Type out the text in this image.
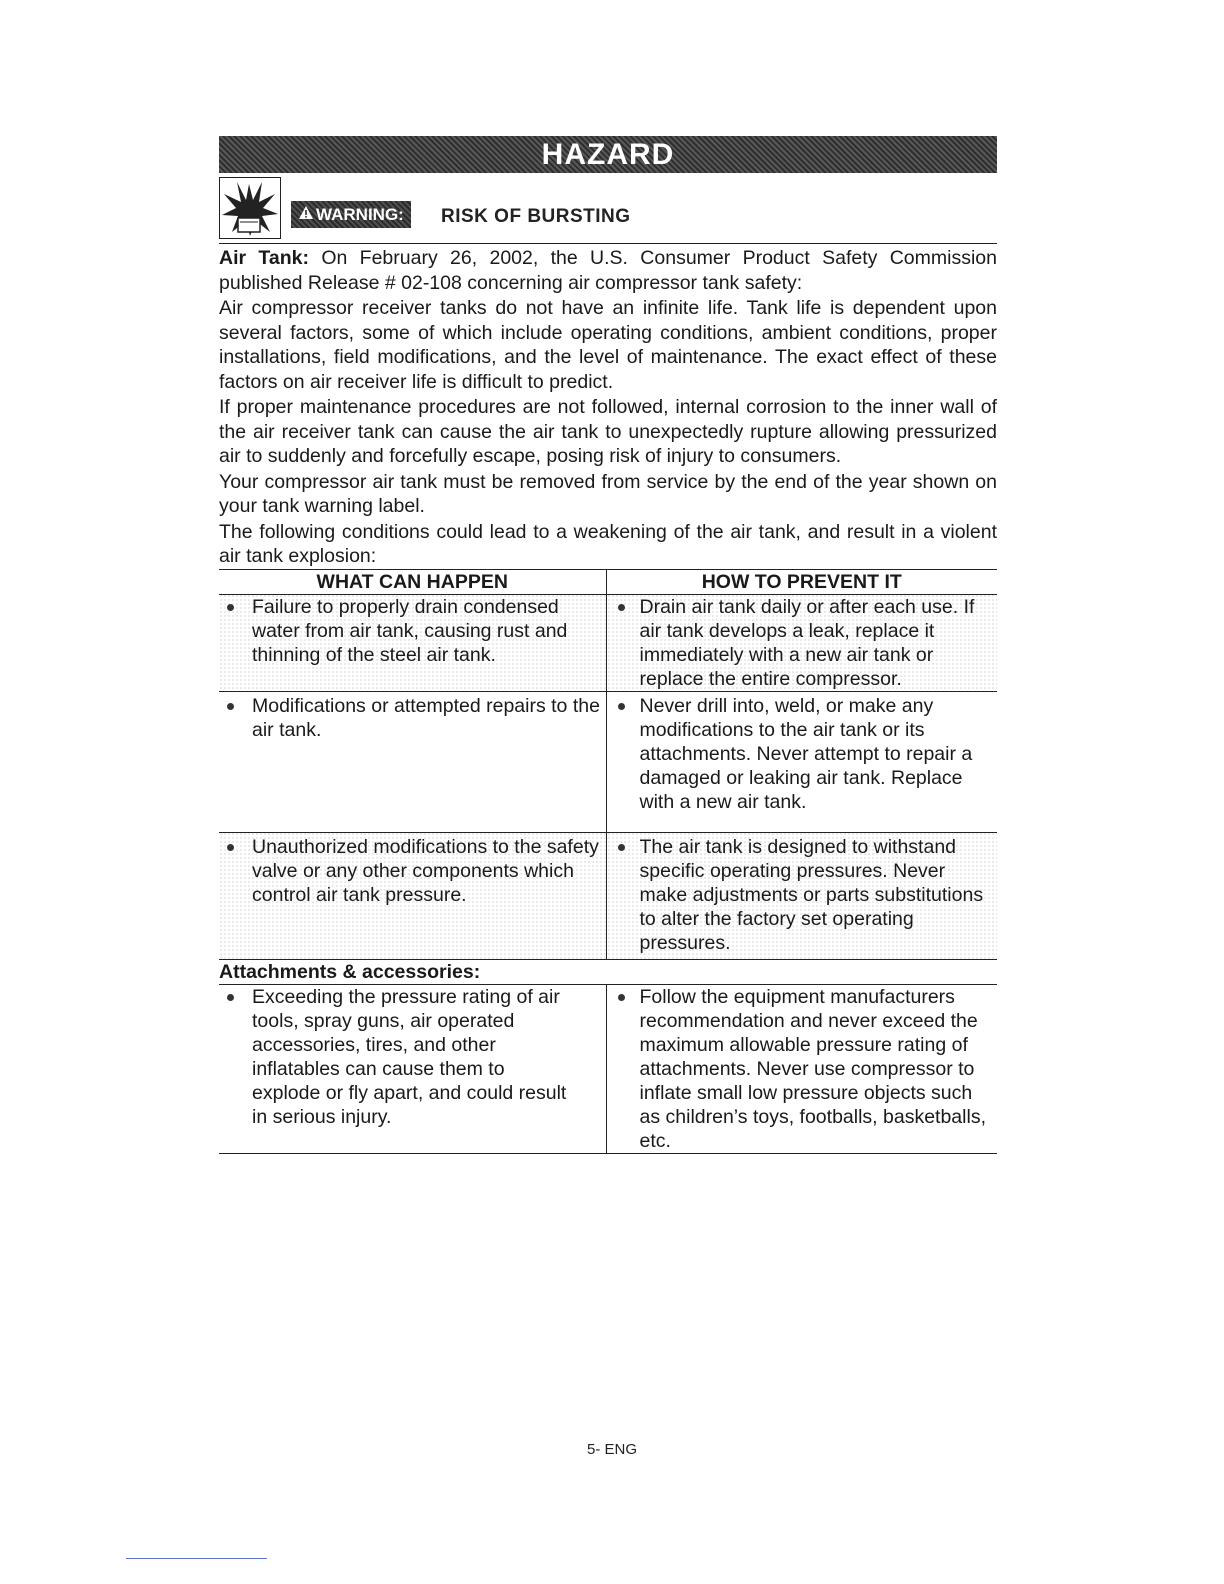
HAZARD
WARNING: RISK OF BURSTING

Air Tank: On February 26, 2002, the U.S. Consumer Product Safety Commission published Release # 02-108 concerning air compressor tank safety:

Air compressor receiver tanks do not have an infinite life. Tank life is dependent upon several factors, some of which include operating conditions, ambient conditions, proper installations, field modifications, and the level of maintenance. The exact effect of these factors on air receiver life is difficult to predict.

If proper maintenance procedures are not followed, internal corrosion to the inner wall of the air receiver tank can cause the air tank to unexpectedly rupture allowing pressurized air to suddenly and forcefully escape, posing risk of injury to consumers.

Your compressor air tank must be removed from service by the end of the year shown on your tank warning label.

The following conditions could lead to a weakening of the air tank, and result in a violent air tank explosion:

WHAT CAN HAPPEN	HOW TO PREVENT IT

Failure to properly drain condensed water from air tank, causing rust and thinning of the steel air tank.	Drain air tank daily or after each use. If air tank develops a leak, replace it immediately with a new air tank or replace the entire compressor.

Modifications or attempted repairs to the air tank.	Never drill into, weld, or make any modifications to the air tank or its attachments. Never attempt to repair a damaged or leaking air tank. Replace with a new air tank.

Unauthorized modifications to the safety valve or any other components which control air tank pressure.	The air tank is designed to withstand specific operating pressures. Never make adjustments or parts substitutions to alter the factory set operating pressures.

Attachments & accessories:	

Exceeding the pressure rating of air tools, spray guns, air operated accessories, tires, and other inflatables can cause them to explode or fly apart, and could result in serious injury.	Follow the equipment manufacturers recommendation and never exceed the maximum allowable pressure rating of attachments. Never use compressor to inflate small low pressure objects such as children’s toys, footballs, basketballs, etc.
5- ENG
